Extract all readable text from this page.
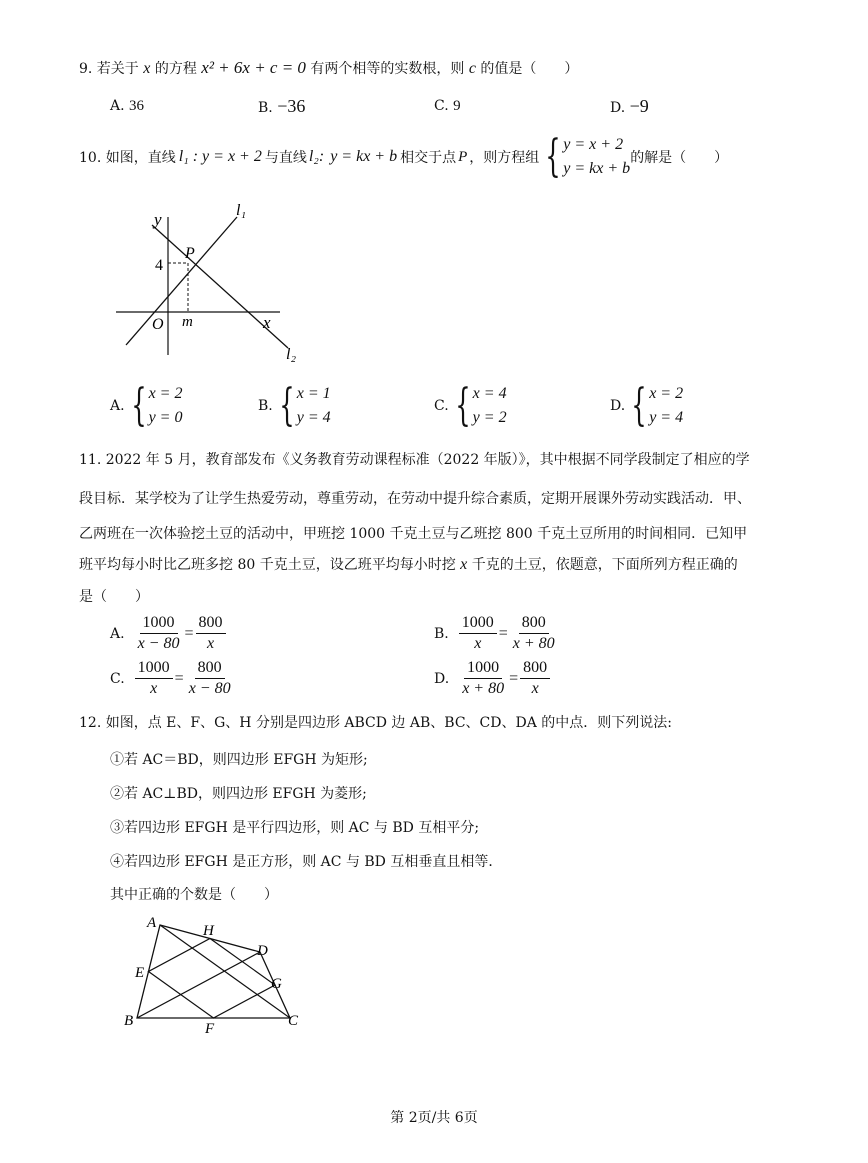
9. 若关于 x 的方程 x² + 6x + c = 0 有两个相等的实数根，则 c 的值是（　　）
A. 36	B. −36	C. 9	D. −9
10. 如图，直线 l₁ : y = x + 2 与直线 l₂: y = kx + b 相交于点 P ，则方程组 { y = x + 2
y = kx + b
的解是（　　）
y
x
O
4
m
P
l₁
l₂
A. { x = 2
y = 0
B. { x = 1
y = 4
C. { x = 4
y = 2
D. { x = 2
y = 4
11. 2022 年 5 月，教育部发布《义务教育劳动课程标准（2022 年版）》，其中根据不同学段制定了相应的学
段目标．某学校为了让学生热爱劳动，尊重劳动，在劳动中提升综合素质，定期开展课外劳动实践活动．甲、
乙两班在一次体验挖土豆的活动中，甲班挖 1000 千克土豆与乙班挖 800 千克土豆所用的时间相同．已知甲
班平均每小时比乙班多挖 80 千克土豆，设乙班平均每小时挖 x 千克的土豆，依题意，下面所列方程正确的
是（　　）
A. $\frac{1000}{x - 80} = \frac{800}{x}$	B. $\frac{1000}{x} = \frac{800}{x + 80}$
C. $\frac{1000}{x} = \frac{800}{x - 80}$	D. $\frac{1000}{x + 80} = \frac{800}{x}$
12. 如图，点 E、F、G、H 分别是四边形 ABCD 边 AB、BC、CD、DA 的中点．则下列说法:
①若 AC＝BD，则四边形 EFGH 为矩形;
②若 AC⊥BD，则四边形 EFGH 为菱形;
③若四边形 EFGH 是平行四边形，则 AC 与 BD 互相平分;
④若四边形 EFGH 是正方形，则 AC 与 BD 互相垂直且相等．
其中正确的个数是（　　）
A	H
D
E
G
B	F	C
第 2页/共 6页
